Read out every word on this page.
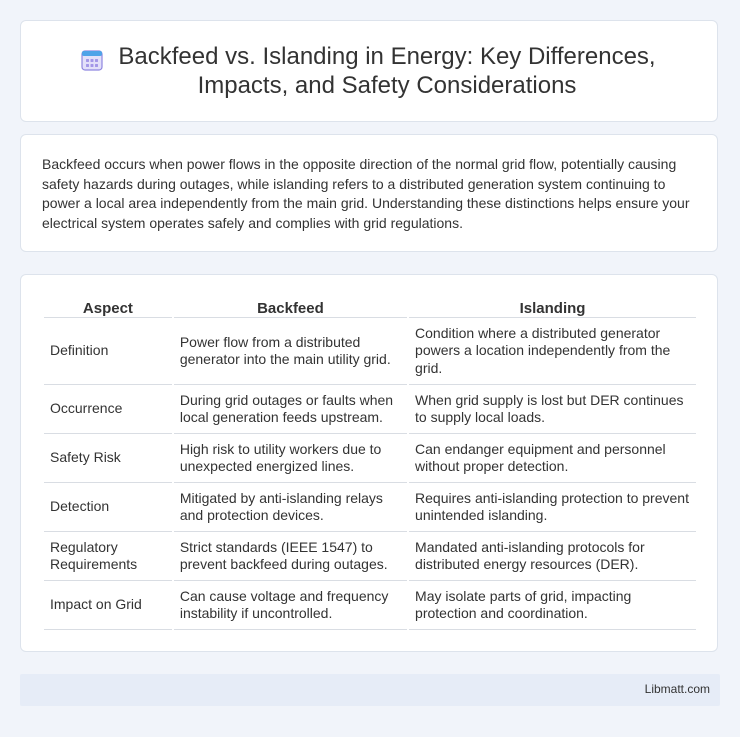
Backfeed vs. Islanding in Energy: Key Differences, Impacts, and Safety Considerations

Backfeed occurs when power flows in the opposite direction of the normal grid flow, potentially causing safety hazards during outages, while islanding refers to a distributed generation system continuing to power a local area independently from the main grid. Understanding these distinctions helps ensure your electrical system operates safely and complies with grid regulations.

Aspect	Backfeed	Islanding
Definition	Power flow from a distributed generator into the main utility grid.	Condition where a distributed generator powers a location independently from the grid.
Occurrence	During grid outages or faults when local generation feeds upstream.	When grid supply is lost but DER continues to supply local loads.
Safety Risk	High risk to utility workers due to unexpected energized lines.	Can endanger equipment and personnel without proper detection.
Detection	Mitigated by anti-islanding relays and protection devices.	Requires anti-islanding protection to prevent unintended islanding.
Regulatory Requirements	Strict standards (IEEE 1547) to prevent backfeed during outages.	Mandated anti-islanding protocols for distributed energy resources (DER).
Impact on Grid	Can cause voltage and frequency instability if uncontrolled.	May isolate parts of grid, impacting protection and coordination.
Libmatt.com
